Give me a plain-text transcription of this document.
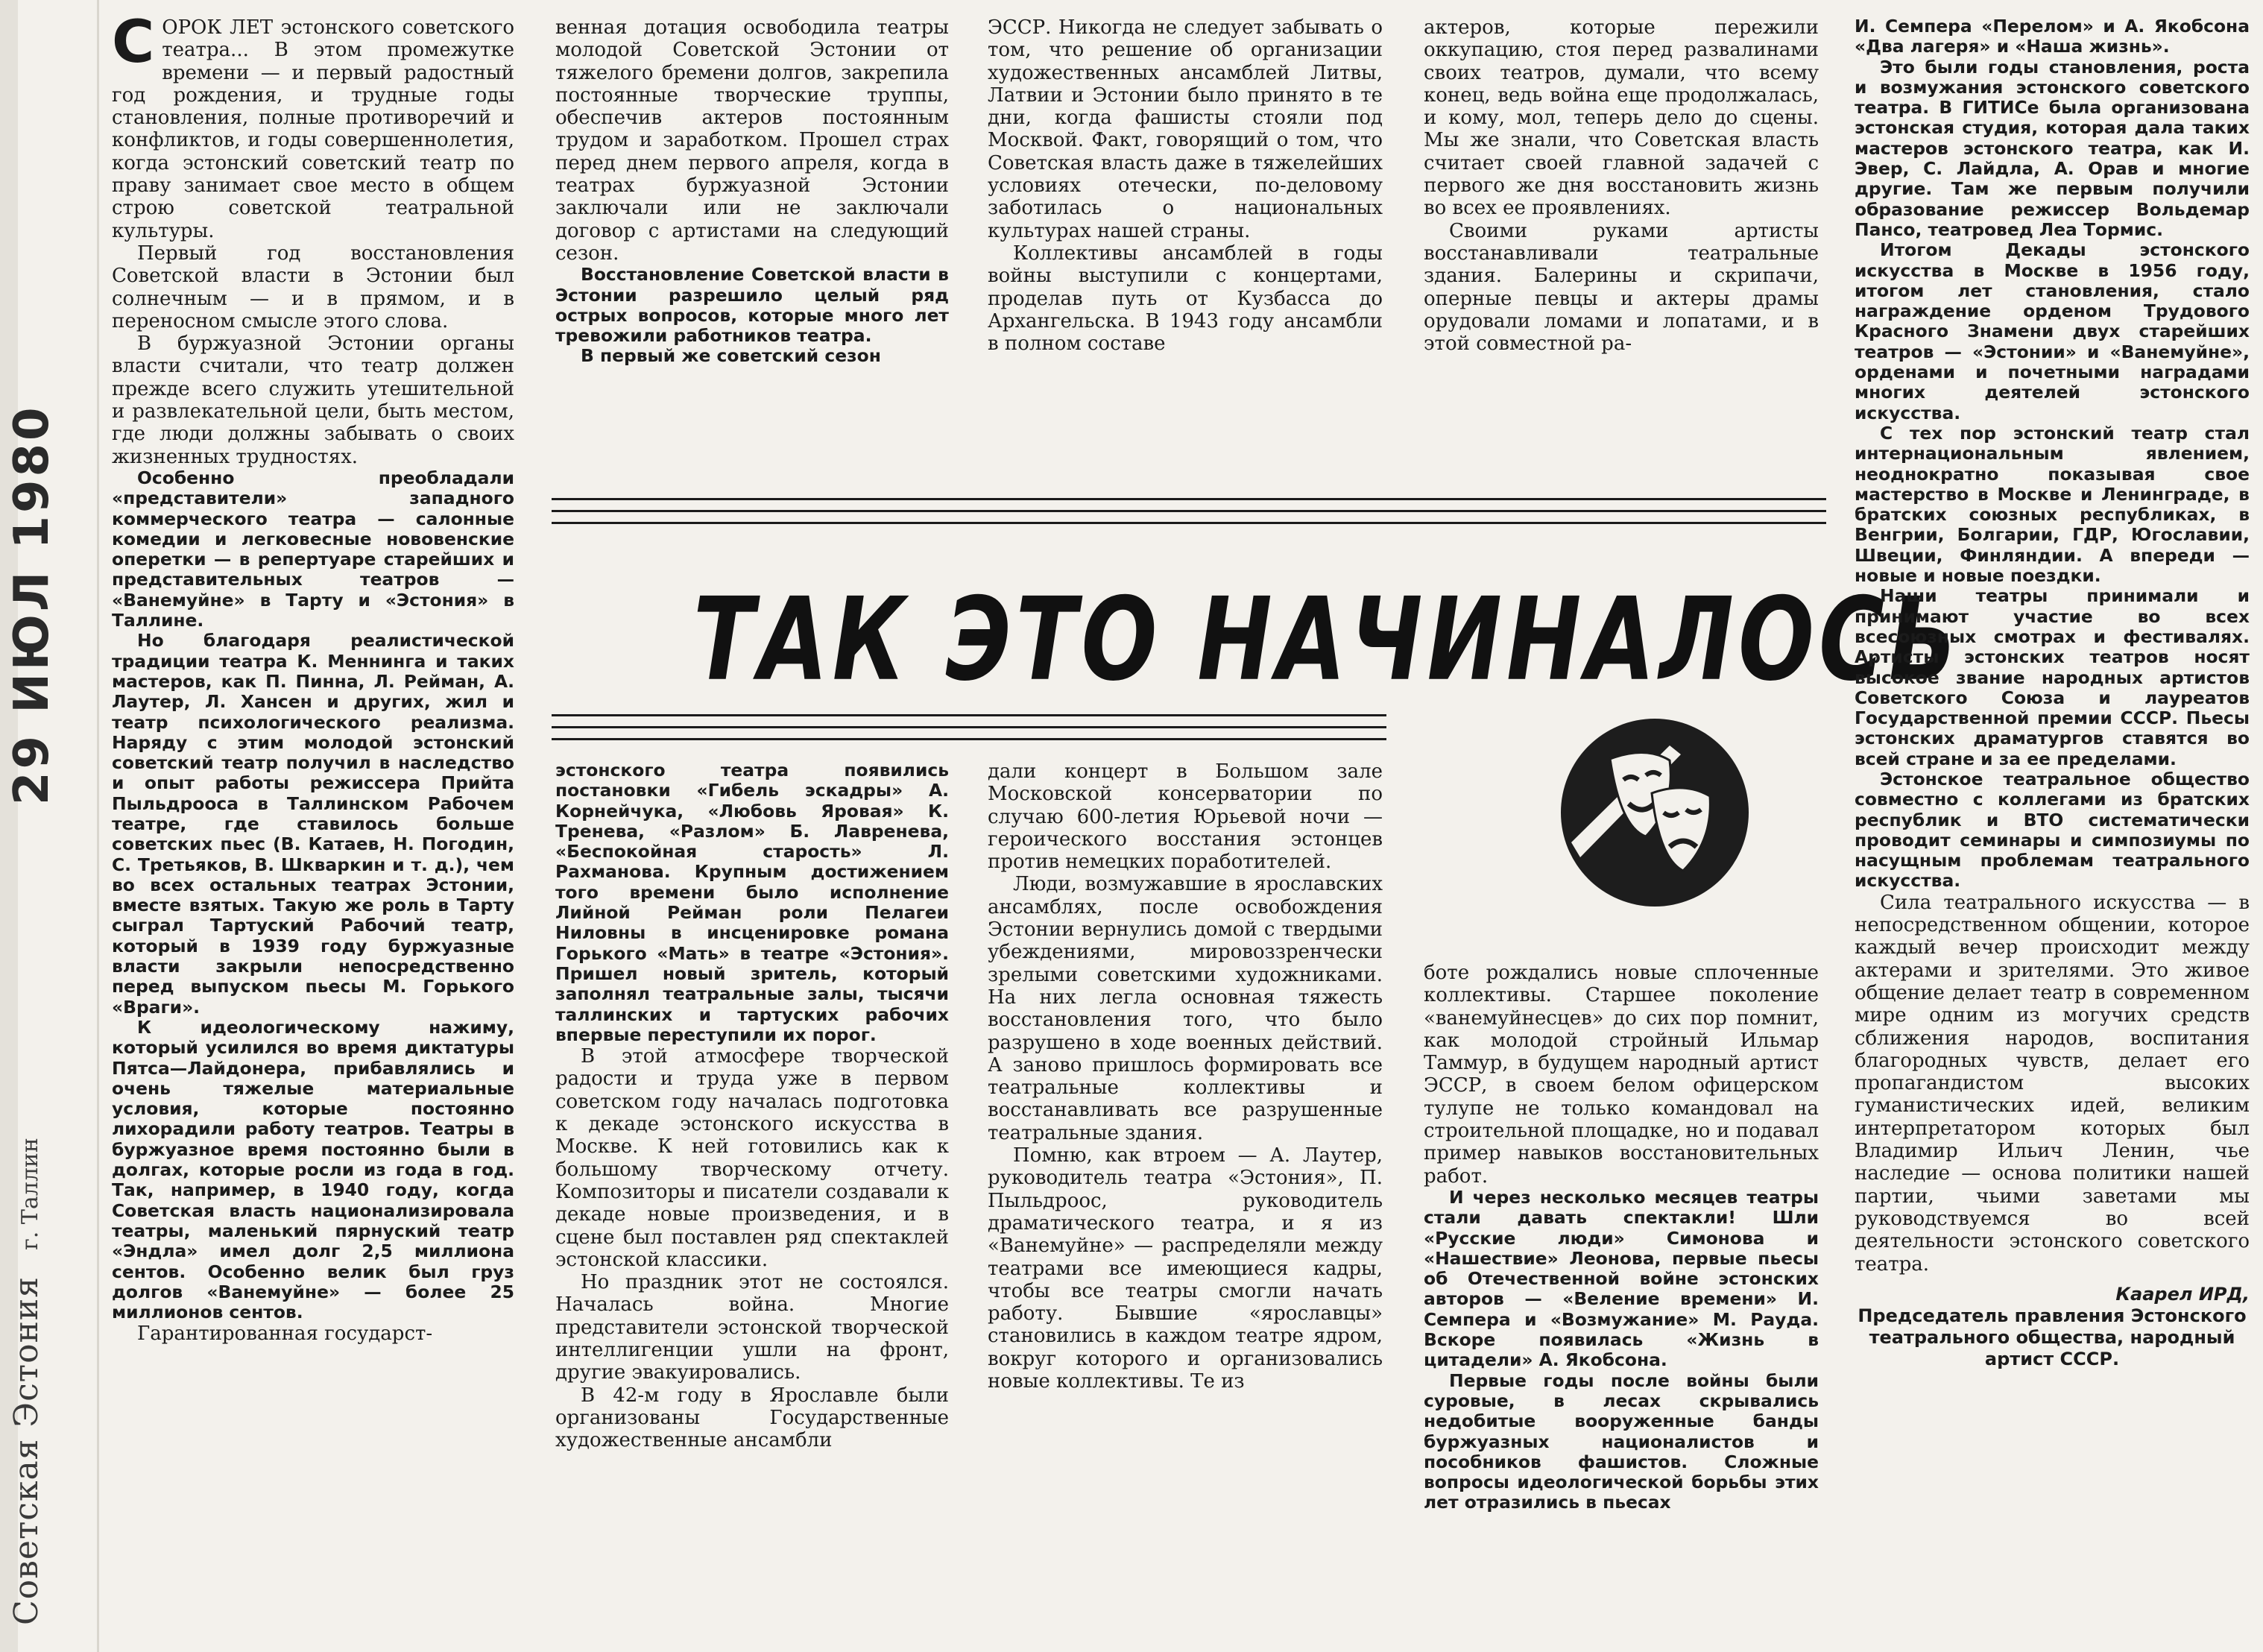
Советская Эстония г. Таллин
29 ИЮЛ 1980

СОРОК ЛЕТ эстонского советского театра... В этом промежутке времени — и первый радостный год рождения, и трудные годы становления, полные противоречий и конфликтов, и годы совершеннолетия, когда эстонский советский театр по праву занимает свое место в общем строю советской театральной культуры.

Первый год восстановления Советской власти в Эстонии был солнечным — и в прямом, и в переносном смысле этого слова.

В буржуазной Эстонии органы власти считали, что театр должен прежде всего служить утешительной и развлекательной цели, быть местом, где люди должны забывать о своих жизненных трудностях.

Особенно преобладали «представители» западного коммерческого театра — салонные комедии и легковесные нововенские оперетки — в репертуаре старейших и представительных театров — «Ванемуйне» в Тарту и «Эстония» в Таллине.

Но благодаря реалистической традиции театра К. Меннинга и таких мастеров, как П. Пинна, Л. Рейман, А. Лаутер, Л. Хансен и других, жил и театр психологического реализма. Наряду с этим молодой эстонский советский театр получил в наследство и опыт работы режиссера Прийта Пыльдрооса в Таллинском Рабочем театре, где ставилось больше советских пьес (В. Катаев, Н. Погодин, С. Третьяков, В. Шкваркин и т. д.), чем во всех остальных театрах Эстонии, вместе взятых. Такую же роль в Тарту сыграл Тартуский Рабочий театр, который в 1939 году буржуазные власти закрыли непосредственно перед выпуском пьесы М. Горького «Враги».

К идеологическому нажиму, который усилился во время диктатуры Пятса—Лайдонера, прибавлялись и очень тяжелые материальные условия, которые постоянно лихорадили работу театров. Театры в буржуазное время постоянно были в долгах, которые росли из года в год. Так, например, в 1940 году, когда Советская власть национализировала театры, маленький пярнуский театр «Эндла» имел долг 2,5 миллиона сентов. Особенно велик был груз долгов «Ванемуйне» — более 25 миллионов сентов.

Гарантированная государст-

венная дотация освободила театры молодой Советской Эстонии от тяжелого бремени долгов, закрепила постоянные творческие труппы, обеспечив актеров постоянным трудом и заработком. Прошел страх перед днем первого апреля, когда в театрах буржуазной Эстонии заключали или не заключали договор с артистами на следующий сезон.

Восстановление Советской власти в Эстонии разрешило целый ряд острых вопросов, которые много лет тревожили работников театра.

В первый же советский сезон

ЭССР. Никогда не следует забывать о том, что решение об организации художественных ансамблей Литвы, Латвии и Эстонии было принято в те дни, когда фашисты стояли под Москвой. Факт, говорящий о том, что Советская власть даже в тяжелейших условиях отечески, по-деловому заботилась о национальных культурах нашей страны.

Коллективы ансамблей в годы войны выступили с концертами, проделав путь от Кузбасса до Архангельска. В 1943 году ансамбли в полном составе

актеров, которые пережили оккупацию, стоя перед развалинами своих театров, думали, что всему конец, ведь война еще продолжалась, и кому, мол, теперь дело до сцены. Мы же знали, что Советская власть считает своей главной задачей с первого же дня восстановить жизнь во всех ее проявлениях.

Своими руками артисты восстанавливали театральные здания. Балерины и скрипачи, оперные певцы и актеры драмы орудовали ломами и лопатами, и в этой совместной ра-

ТАК ЭТО НАЧИНАЛОСЬ

эстонского театра появились постановки «Гибель эскадры» А. Корнейчука, «Любовь Яровая» К. Тренева, «Разлом» Б. Лавренева, «Беспокойная старость» Л. Рахманова. Крупным достижением того времени было исполнение Лийной Рейман роли Пелагеи Ниловны в инсценировке романа Горького «Мать» в театре «Эстония». Пришел новый зритель, который заполнял театральные залы, тысячи таллинских и тартуских рабочих впервые переступили их порог.

В этой атмосфере творческой радости и труда уже в первом советском году началась подготовка к декаде эстонского искусства в Москве. К ней готовились как к большому творческому отчету. Композиторы и писатели создавали к декаде новые произведения, и в сцене был поставлен ряд спектаклей эстонской классики.

Но праздник этот не состоялся. Началась война. Многие представители эстонской творческой интеллигенции ушли на фронт, другие эвакуировались.

В 42-м году в Ярославле были организованы Государственные художественные ансамбли

дали концерт в Большом зале Московской консерватории по случаю 600-летия Юрьевой ночи — героического восстания эстонцев против немецких поработителей.

Люди, возмужавшие в ярославских ансамблях, после освобождения Эстонии вернулись домой с твердыми убеждениями, мировоззренчески зрелыми советскими художниками. На них легла основная тяжесть восстановления того, что было разрушено в ходе военных действий. А заново пришлось формировать все театральные коллективы и восстанавливать все разрушенные театральные здания.

Помню, как втроем — А. Лаутер, руководитель театра «Эстония», П. Пыльдроос, руководитель драматического театра, и я из «Ванемуйне» — распределяли между театрами все имеющиеся кадры, чтобы все театры смогли начать работу. Бывшие «ярославцы» становились в каждом театре ядром, вокруг которого и организовались новые коллективы. Те из

боте рождались новые сплоченные коллективы. Старшее поколение «ванемуйнесцев» до сих пор помнит, как молодой стройный Ильмар Таммур, в будущем народный артист ЭССР, в своем белом офицерском тулупе не только командовал на строительной площадке, но и подавал пример навыков восстановительных работ.

И через несколько месяцев театры стали давать спектакли! Шли «Русские люди» Симонова и «Нашествие» Леонова, первые пьесы об Отечественной войне эстонских авторов — «Веление времени» И. Семпера и «Возмужание» М. Рауда. Вскоре появилась «Жизнь в цитадели» А. Якобсона.

Первые годы после войны были суровые, в лесах скрывались недобитые вооруженные банды буржуазных националистов и пособников фашистов. Сложные вопросы идеологической борьбы этих лет отразились в пьесах

И. Семпера «Перелом» и А. Якобсона «Два лагеря» и «Наша жизнь».

Это были годы становления, роста и возмужания эстонского советского театра. В ГИТИСе была организована эстонская студия, которая дала таких мастеров эстонского театра, как И. Эвер, С. Лайдла, А. Орав и многие другие. Там же первым получили образование режиссер Вольдемар Пансо, театровед Леа Тормис.

Итогом Декады эстонского искусства в Москве в 1956 году, итогом лет становления, стало награждение орденом Трудового Красного Знамени двух старейших театров — «Эстонии» и «Ванемуйне», орденами и почетными наградами многих деятелей эстонского искусства.

С тех пор эстонский театр стал интернациональным явлением, неоднократно показывая свое мастерство в Москве и Ленинграде, в братских союзных республиках, в Венгрии, Болгарии, ГДР, Югославии, Швеции, Финляндии. А впереди — новые и новые поездки.

Наши театры принимали и принимают участие во всех всесоюзных смотрах и фестивалях. Артисты эстонских театров носят высокое звание народных артистов Советского Союза и лауреатов Государственной премии СССР. Пьесы эстонских драматургов ставятся во всей стране и за ее пределами.

Эстонское театральное общество совместно с коллегами из братских республик и ВТО систематически проводит семинары и симпозиумы по насущным проблемам театрального искусства.

Сила театрального искусства — в непосредственном общении, которое каждый вечер происходит между актерами и зрителями. Это живое общение делает театр в современном мире одним из могучих средств сближения народов, воспитания благородных чувств, делает его пропагандистом высоких гуманистических идей, великим интерпретатором которых был Владимир Ильич Ленин, чье наследие — основа политики нашей партии, чьими заветами мы руководствуемся во всей деятельности эстонского советского театра.

Каарел ИРД,

Председатель правления Эстонского театрального общества, народный артист СССР.
